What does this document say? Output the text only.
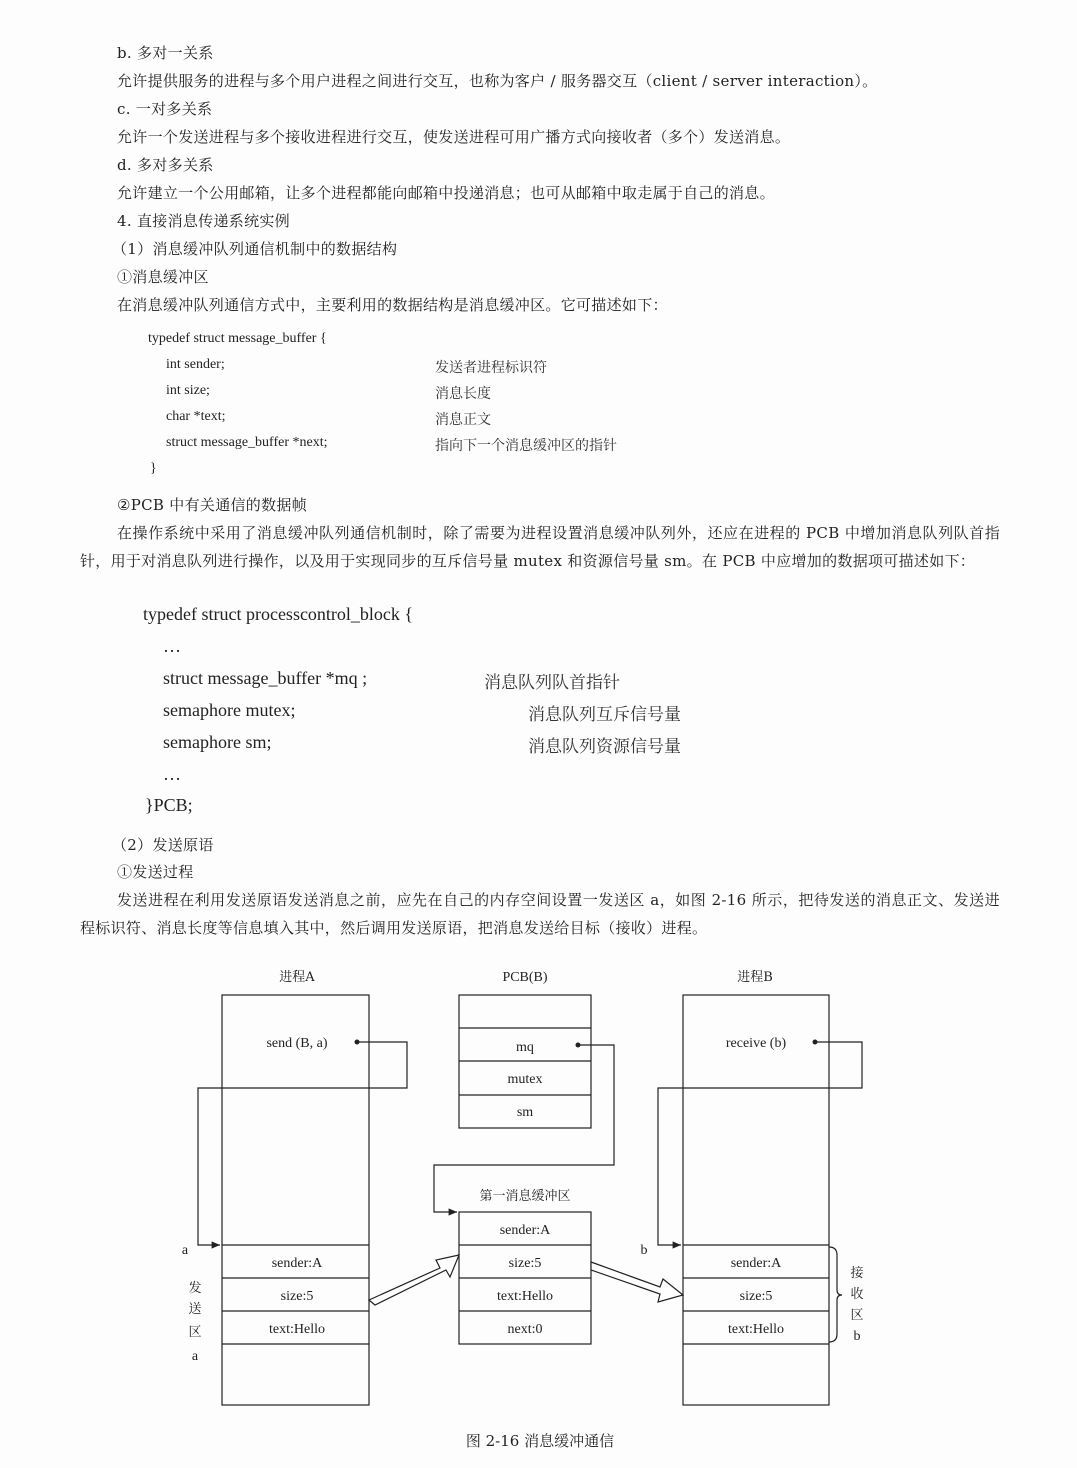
b. 多对一关系
允许提供服务的进程与多个用户进程之间进行交互，也称为客户 / 服务器交互（client / server interaction）。
c. 一对多关系
允许一个发送进程与多个接收进程进行交互，使发送进程可用广播方式向接收者（多个）发送消息。
d. 多对多关系
允许建立一个公用邮箱，让多个进程都能向邮箱中投递消息；也可从邮箱中取走属于自己的消息。
4. 直接消息传递系统实例
（1）消息缓冲队列通信机制中的数据结构
①消息缓冲区
在消息缓冲队列通信方式中，主要利用的数据结构是消息缓冲区。它可描述如下：
typedef struct message_buffer {
int sender;	发送者进程标识符
int size;	消息长度
char *text;	消息正文
struct message_buffer *next;	指向下一个消息缓冲区的指针
}
②PCB 中有关通信的数据帧
在操作系统中采用了消息缓冲队列通信机制时，除了需要为进程设置消息缓冲队列外，还应在进程的 PCB 中增加消息队列队首指针，用于对消息队列进行操作，以及用于实现同步的互斥信号量 mutex 和资源信号量 sm。在 PCB 中应增加的数据项可描述如下：
typedef struct processcontrol_block {
…
struct message_buffer *mq ;	消息队列队首指针
semaphore mutex;	消息队列互斥信号量
semaphore sm;	消息队列资源信号量
…
}PCB;
（2）发送原语
①发送过程
发送进程在利用发送原语发送消息之前，应先在自己的内存空间设置一发送区 a，如图 2-16 所示，把待发送的消息正文、发送进程标识符、消息长度等信息填入其中，然后调用发送原语，把消息发送给目标（接收）进程。
进程A	PCB(B)	进程B
send (B, a)	receive (b)
mq
mutex
sm
第一消息缓冲区
sender:A
size:5
text:Hello
sender:A
size:5
text:Hello
next:0
sender:A
size:5
text:Hello
a	b
发
送
区
a
接
收
区
b
图 2-16 消息缓冲通信
